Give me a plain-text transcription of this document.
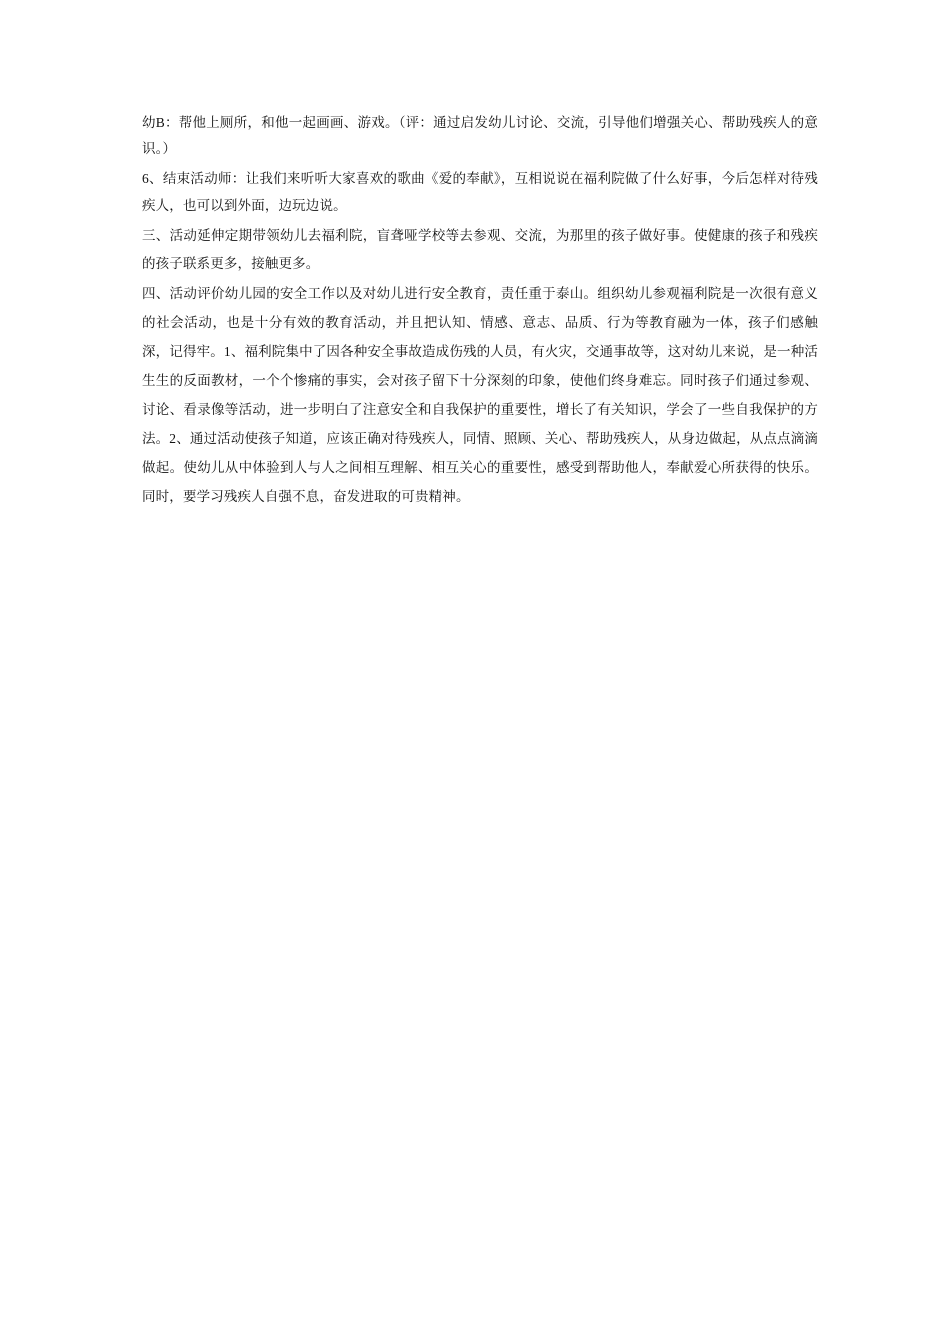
幼B：帮他上厕所，和他一起画画、游戏。（评：通过启发幼儿讨论、交流，引导他们增强关心、帮助残疾人的意识。）

6、结束活动师：让我们来听听大家喜欢的歌曲《爱的奉献》，互相说说在福利院做了什么好事，今后怎样对待残疾人，也可以到外面，边玩边说。

三、活动延伸定期带领幼儿去福利院，盲聋哑学校等去参观、交流，为那里的孩子做好事。使健康的孩子和残疾的孩子联系更多，接触更多。

四、活动评价幼儿园的安全工作以及对幼儿进行安全教育，责任重于泰山。组织幼儿参观福利院是一次很有意义的社会活动，也是十分有效的教育活动，并且把认知、情感、意志、品质、行为等教育融为一体，孩子们感触深，记得牢。1、福利院集中了因各种安全事故造成伤残的人员，有火灾，交通事故等，这对幼儿来说，是一种活生生的反面教材，一个个惨痛的事实，会对孩子留下十分深刻的印象，使他们终身难忘。同时孩子们通过参观、讨论、看录像等活动，进一步明白了注意安全和自我保护的重要性，增长了有关知识，学会了一些自我保护的方法。2、通过活动使孩子知道，应该正确对待残疾人，同情、照顾、关心、帮助残疾人，从身边做起，从点点滴滴做起。使幼儿从中体验到人与人之间相互理解、相互关心的重要性，感受到帮助他人，奉献爱心所获得的快乐。同时，要学习残疾人自强不息，奋发进取的可贵精神。
